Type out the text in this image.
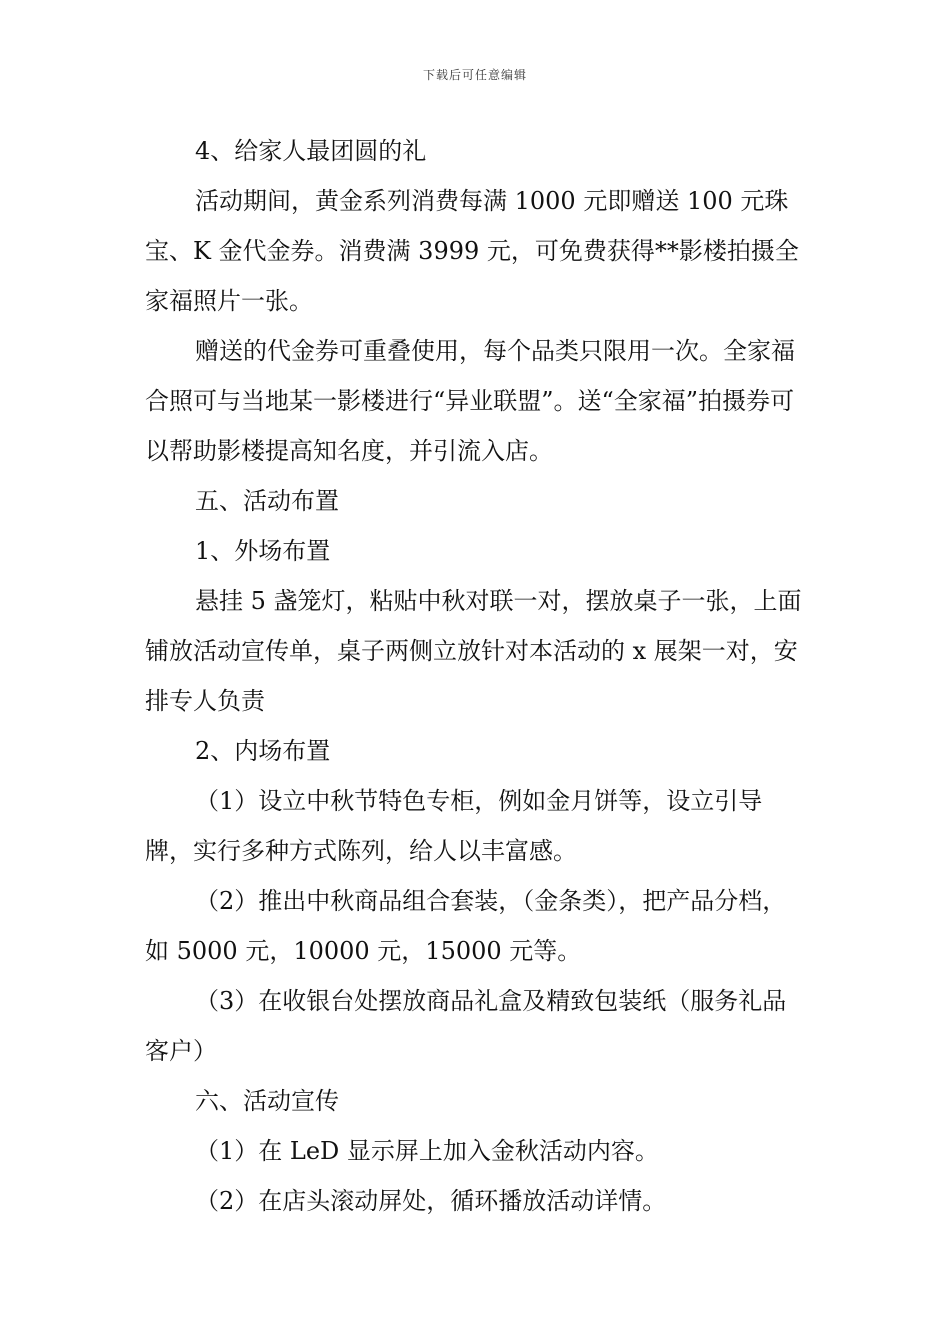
下载后可任意编辑

4、给家人最团圆的礼

活动期间，黄金系列消费每满 1000 元即赠送 100 元珠宝、K 金代金券。消费满 3999 元，可免费获得**影楼拍摄全家福照片一张。

赠送的代金券可重叠使用，每个品类只限用一次。全家福合照可与当地某一影楼进行“异业联盟”。送“全家福”拍摄券可以帮助影楼提高知名度，并引流入店。

五、活动布置

1、外场布置

悬挂 5 盏笼灯，粘贴中秋对联一对，摆放桌子一张，上面铺放活动宣传单，桌子两侧立放针对本活动的 x 展架一对，安排专人负责

2、内场布置

（1）设立中秋节特色专柜，例如金月饼等，设立引导牌，实行多种方式陈列，给人以丰富感。

（2）推出中秋商品组合套装，（金条类），把产品分档，如 5000 元，10000 元，15000 元等。

（3）在收银台处摆放商品礼盒及精致包装纸（服务礼品客户）

六、活动宣传

（1）在 LeD 显示屏上加入金秋活动内容。

（2）在店头滚动屏处，循环播放活动详情。
